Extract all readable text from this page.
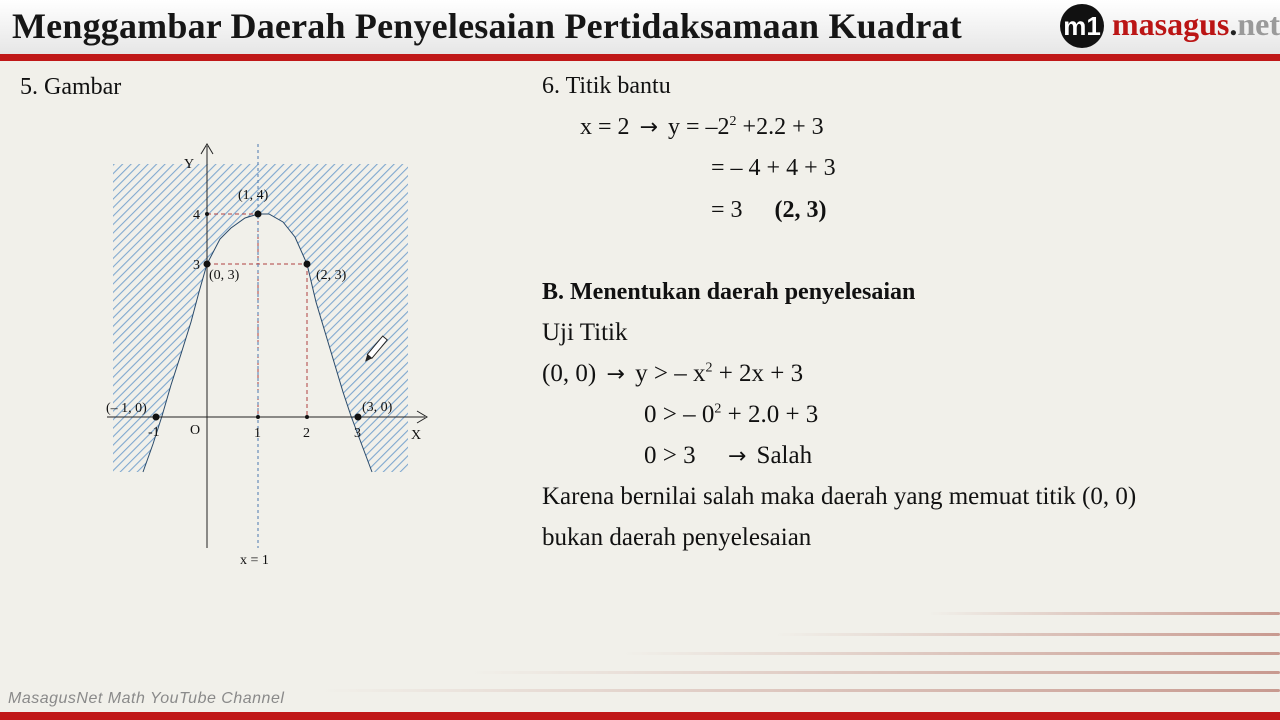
Menggambar Daerah Penyelesaian Pertidaksamaan Kuadrat	m1 masagus.net
5. Gambar
Y
X
O
-1	1	2	3
4
3
(1, 4)
(0, 3)	(2, 3)
(– 1, 0)	(3, 0)
x = 1
6. Titik bantu
$x = 2 \to y = -2^2 +2.2 + 3$
= – 4 + 4 + 3
= 3 (2, 3)
B. Menentukan daerah penyelesaian
Uji Titik
(0, 0) → y > – $x^2 + 2x + 3$
0 > – $0^2 + 2.0 + 3$
0 > 3 → Salah
Karena bernilai salah maka daerah yang memuat titik (0, 0)
bukan daerah penyelesaian
MasagusNet Math YouTube Channel
